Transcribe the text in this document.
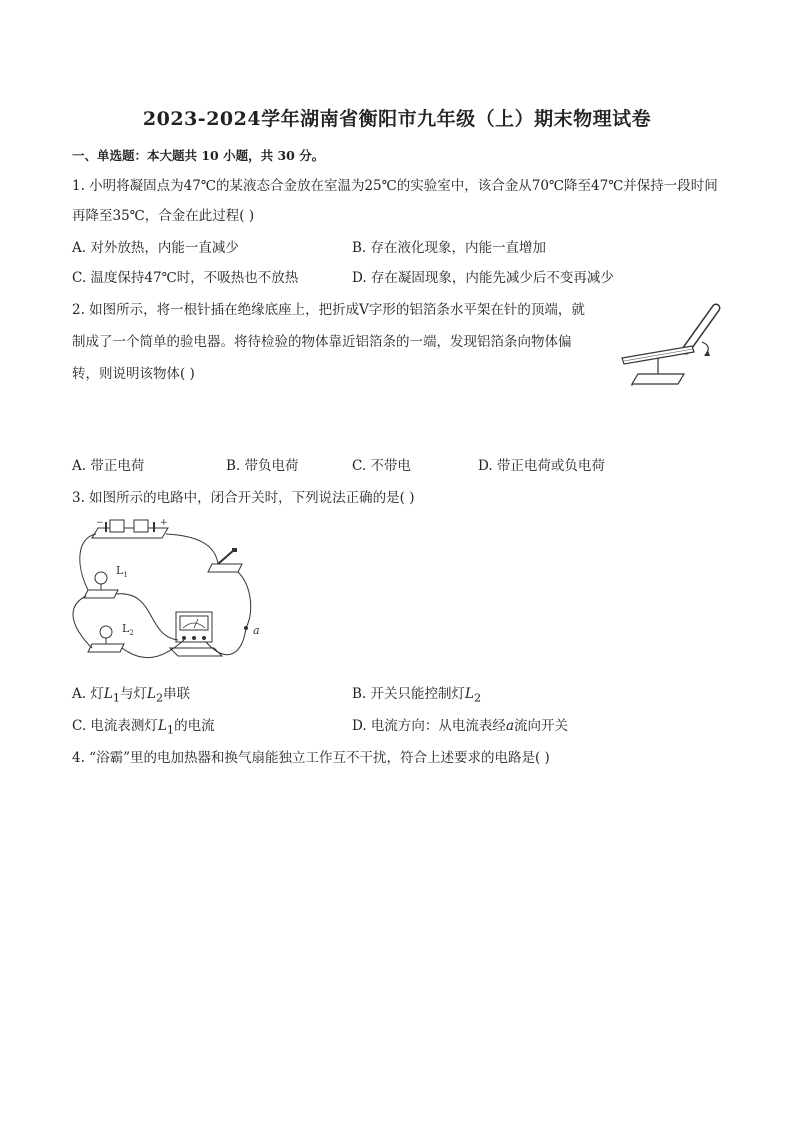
2023-2024学年湖南省衡阳市九年级（上）期末物理试卷
一、单选题：本大题共 10 小题，共 30 分。
1. 小明将凝固点为47℃的某液态合金放在室温为25℃的实验室中，该合金从70℃降至47℃并保持一段时间
再降至35℃，合金在此过程( )
A. 对外放热，内能一直减少	B. 存在液化现象，内能一直增加
C. 温度保持47℃时，不吸热也不放热	D. 存在凝固现象，内能先减少后不变再减少
2. 如图所示，将一根针插在绝缘底座上，把折成V字形的铝箔条水平架在针的顶端，就
制成了一个简单的验电器。将待检验的物体靠近铝箔条的一端，发现铝箔条向物体偏
转，则说明该物体( )
A. 带正电荷	B. 带负电荷	C. 不带电	D. 带正电荷或负电荷
3. 如图所示的电路中，闭合开关时，下列说法正确的是( )
−	+
$L_1$
$L_2$	a
A. 灯$L_1$与灯$L_2$串联	B. 开关只能控制灯$L_2$
C. 电流表测灯$L_1$的电流	D. 电流方向：从电流表经a流向开关
4. “浴霸”里的电加热器和换气扇能独立工作互不干扰，符合上述要求的电路是( )
